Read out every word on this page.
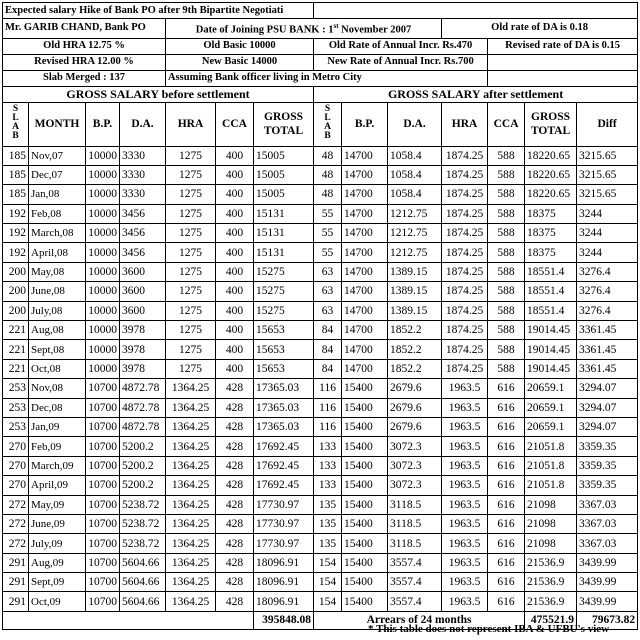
Expected salary Hike of Bank PO after 9th Bipartite Negotiati													
Mr. GARIB CHAND, Bank PO				Date of Joining PSU BANK : 1st November 2007						Old rate of DA is 0.18			
Old HRA 12.75 %				Old Basic 10000			Old Rate of Annual Incr. Rs.470				Revised rate of DA is 0.15		
Revised HRA 12.00 %				New Basic 14000			New Rate of Annual Incr. Rs.700						
Slab Merged : 137				Assuming Bank officer living in Metro City									
GROSS SALARY before settlement							GROSS SALARY after settlement						
SLAB	MONTH	B.P.	D.A.	HRA	CCA	GROSS TOTAL	SLAB	B.P.	D.A.	HRA	CCA	GROSS TOTAL	Diff
185	Nov,07	10000	3330	1275	400	15005	48	14700	1058.4	1874.25	588	18220.65	3215.65
185	Dec,07	10000	3330	1275	400	15005	48	14700	1058.4	1874.25	588	18220.65	3215.65
185	Jan,08	10000	3330	1275	400	15005	48	14700	1058.4	1874.25	588	18220.65	3215.65
192	Feb,08	10000	3456	1275	400	15131	55	14700	1212.75	1874.25	588	18375	3244
192	March,08	10000	3456	1275	400	15131	55	14700	1212.75	1874.25	588	18375	3244
192	April,08	10000	3456	1275	400	15131	55	14700	1212.75	1874.25	588	18375	3244
200	May,08	10000	3600	1275	400	15275	63	14700	1389.15	1874.25	588	18551.4	3276.4
200	June,08	10000	3600	1275	400	15275	63	14700	1389.15	1874.25	588	18551.4	3276.4
200	July,08	10000	3600	1275	400	15275	63	14700	1389.15	1874.25	588	18551.4	3276.4
221	Aug,08	10000	3978	1275	400	15653	84	14700	1852.2	1874.25	588	19014.45	3361.45
221	Sept,08	10000	3978	1275	400	15653	84	14700	1852.2	1874.25	588	19014.45	3361.45
221	Oct,08	10000	3978	1275	400	15653	84	14700	1852.2	1874.25	588	19014.45	3361.45
253	Nov,08	10700	4872.78	1364.25	428	17365.03	116	15400	2679.6	1963.5	616	20659.1	3294.07
253	Dec,08	10700	4872.78	1364.25	428	17365.03	116	15400	2679.6	1963.5	616	20659.1	3294.07
253	Jan,09	10700	4872.78	1364.25	428	17365.03	116	15400	2679.6	1963.5	616	20659.1	3294.07
270	Feb,09	10700	5200.2	1364.25	428	17692.45	133	15400	3072.3	1963.5	616	21051.8	3359.35
270	March,09	10700	5200.2	1364.25	428	17692.45	133	15400	3072.3	1963.5	616	21051.8	3359.35
270	April,09	10700	5200.2	1364.25	428	17692.45	133	15400	3072.3	1963.5	616	21051.8	3359.35
272	May,09	10700	5238.72	1364.25	428	17730.97	135	15400	3118.5	1963.5	616	21098	3367.03
272	June,09	10700	5238.72	1364.25	428	17730.97	135	15400	3118.5	1963.5	616	21098	3367.03
272	July,09	10700	5238.72	1364.25	428	17730.97	135	15400	3118.5	1963.5	616	21098	3367.03
291	Aug,09	10700	5604.66	1364.25	428	18096.91	154	15400	3557.4	1963.5	616	21536.9	3439.99
291	Sept,09	10700	5604.66	1364.25	428	18096.91	154	15400	3557.4	1963.5	616	21536.9	3439.99
291	Oct,09	10700	5604.66	1364.25	428	18096.91	154	15400	3557.4	1963.5	616	21536.9	3439.99
						395848.08	Arrears of 24 months					475521.9	79673.82
* This table does not represent IBA & UFBU's view
